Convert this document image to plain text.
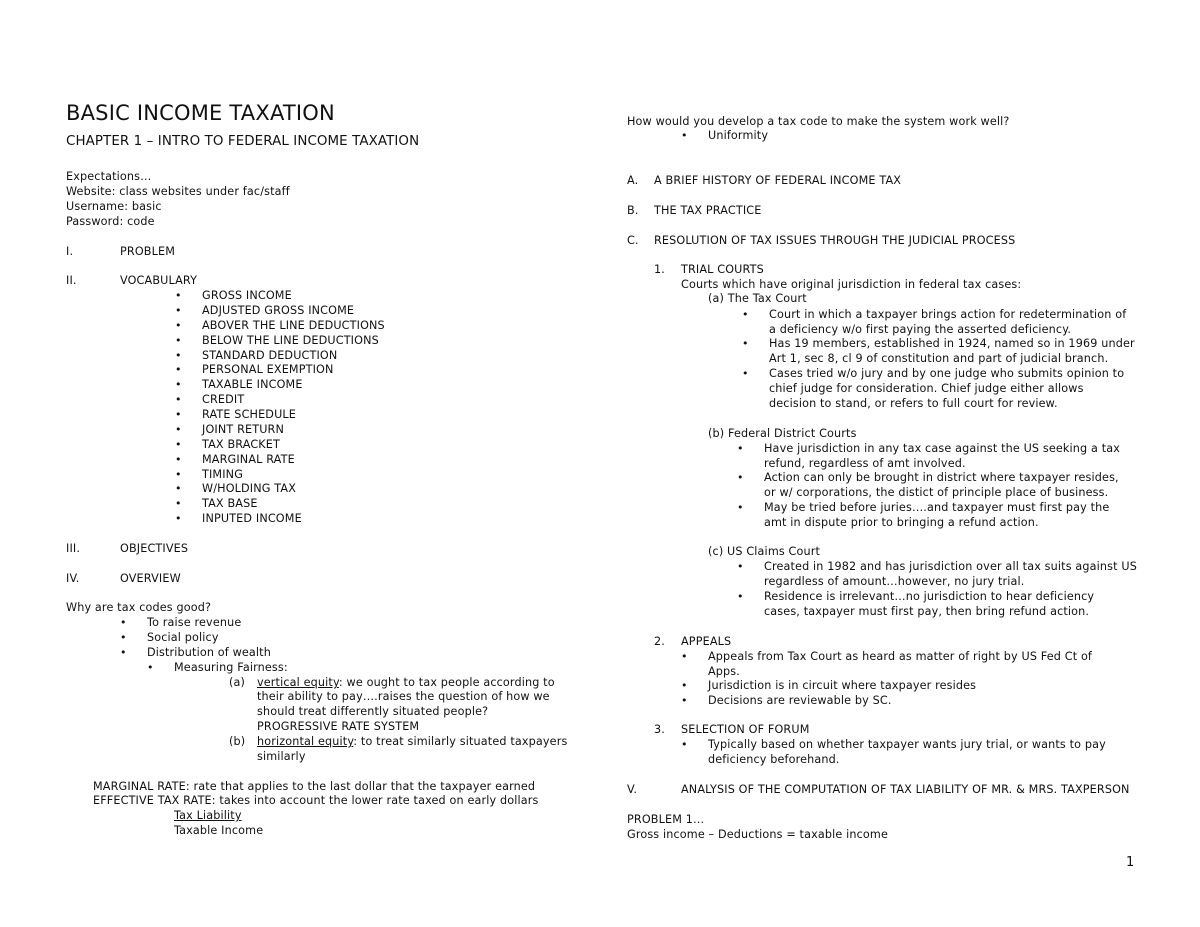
BASIC INCOME TAXATION
CHAPTER 1 – INTRO TO FEDERAL INCOME TAXATION
Expectations…
Website: class websites under fac/staff
Username: basic
Password: code
I.	PROBLEM
II.	VOCABULARY
• GROSS INCOME
• ADJUSTED GROSS INCOME
• ABOVER THE LINE DEDUCTIONS
• BELOW THE LINE DEDUCTIONS
• STANDARD DEDUCTION
• PERSONAL EXEMPTION
• TAXABLE INCOME
• CREDIT
• RATE SCHEDULE
• JOINT RETURN
• TAX BRACKET
• MARGINAL RATE
• TIMING
• W/HOLDING TAX
• TAX BASE
• INPUTED INCOME
III.	OBJECTIVES
IV.	OVERVIEW
Why are tax codes good?
• To raise revenue
• Social policy
• Distribution of wealth
• Measuring Fairness:
(a) vertical equity: we ought to tax people according to
their ability to pay….raises the question of how we
should treat differently situated people?
PROGRESSIVE RATE SYSTEM
(b) horizontal equity: to treat similarly situated taxpayers
similarly
MARGINAL RATE: rate that applies to the last dollar that the taxpayer earned
EFFECTIVE TAX RATE: takes into account the lower rate taxed on early dollars
Tax Liability
Taxable Income
How would you develop a tax code to make the system work well?
• Uniformity
A. A BRIEF HISTORY OF FEDERAL INCOME TAX
B. THE TAX PRACTICE
C. RESOLUTION OF TAX ISSUES THROUGH THE JUDICIAL PROCESS
1. TRIAL COURTS
Courts which have original jurisdiction in federal tax cases:
(a) The Tax Court
• Court in which a taxpayer brings action for redetermination of
a deficiency w/o first paying the asserted deficiency.
• Has 19 members, established in 1924, named so in 1969 under
Art 1, sec 8, cl 9 of constitution and part of judicial branch.
• Cases tried w/o jury and by one judge who submits opinion to
chief judge for consideration. Chief judge either allows
decision to stand, or refers to full court for review.
(b) Federal District Courts
• Have jurisdiction in any tax case against the US seeking a tax
refund, regardless of amt involved.
• Action can only be brought in district where taxpayer resides,
or w/ corporations, the distict of principle place of business.
• May be tried before juries….and taxpayer must first pay the
amt in dispute prior to bringing a refund action.
(c) US Claims Court
• Created in 1982 and has jurisdiction over all tax suits against US
regardless of amount…however, no jury trial.
• Residence is irrelevant…no jurisdiction to hear deficiency
cases, taxpayer must first pay, then bring refund action.
2. APPEALS
• Appeals from Tax Court as heard as matter of right by US Fed Ct of
Apps.
• Jurisdiction is in circuit where taxpayer resides
• Decisions are reviewable by SC.
3. SELECTION OF FORUM
• Typically based on whether taxpayer wants jury trial, or wants to pay
deficiency beforehand.
V.	ANALYSIS OF THE COMPUTATION OF TAX LIABILITY OF MR. & MRS. TAXPERSON
PROBLEM 1…
Gross income – Deductions = taxable income
1
